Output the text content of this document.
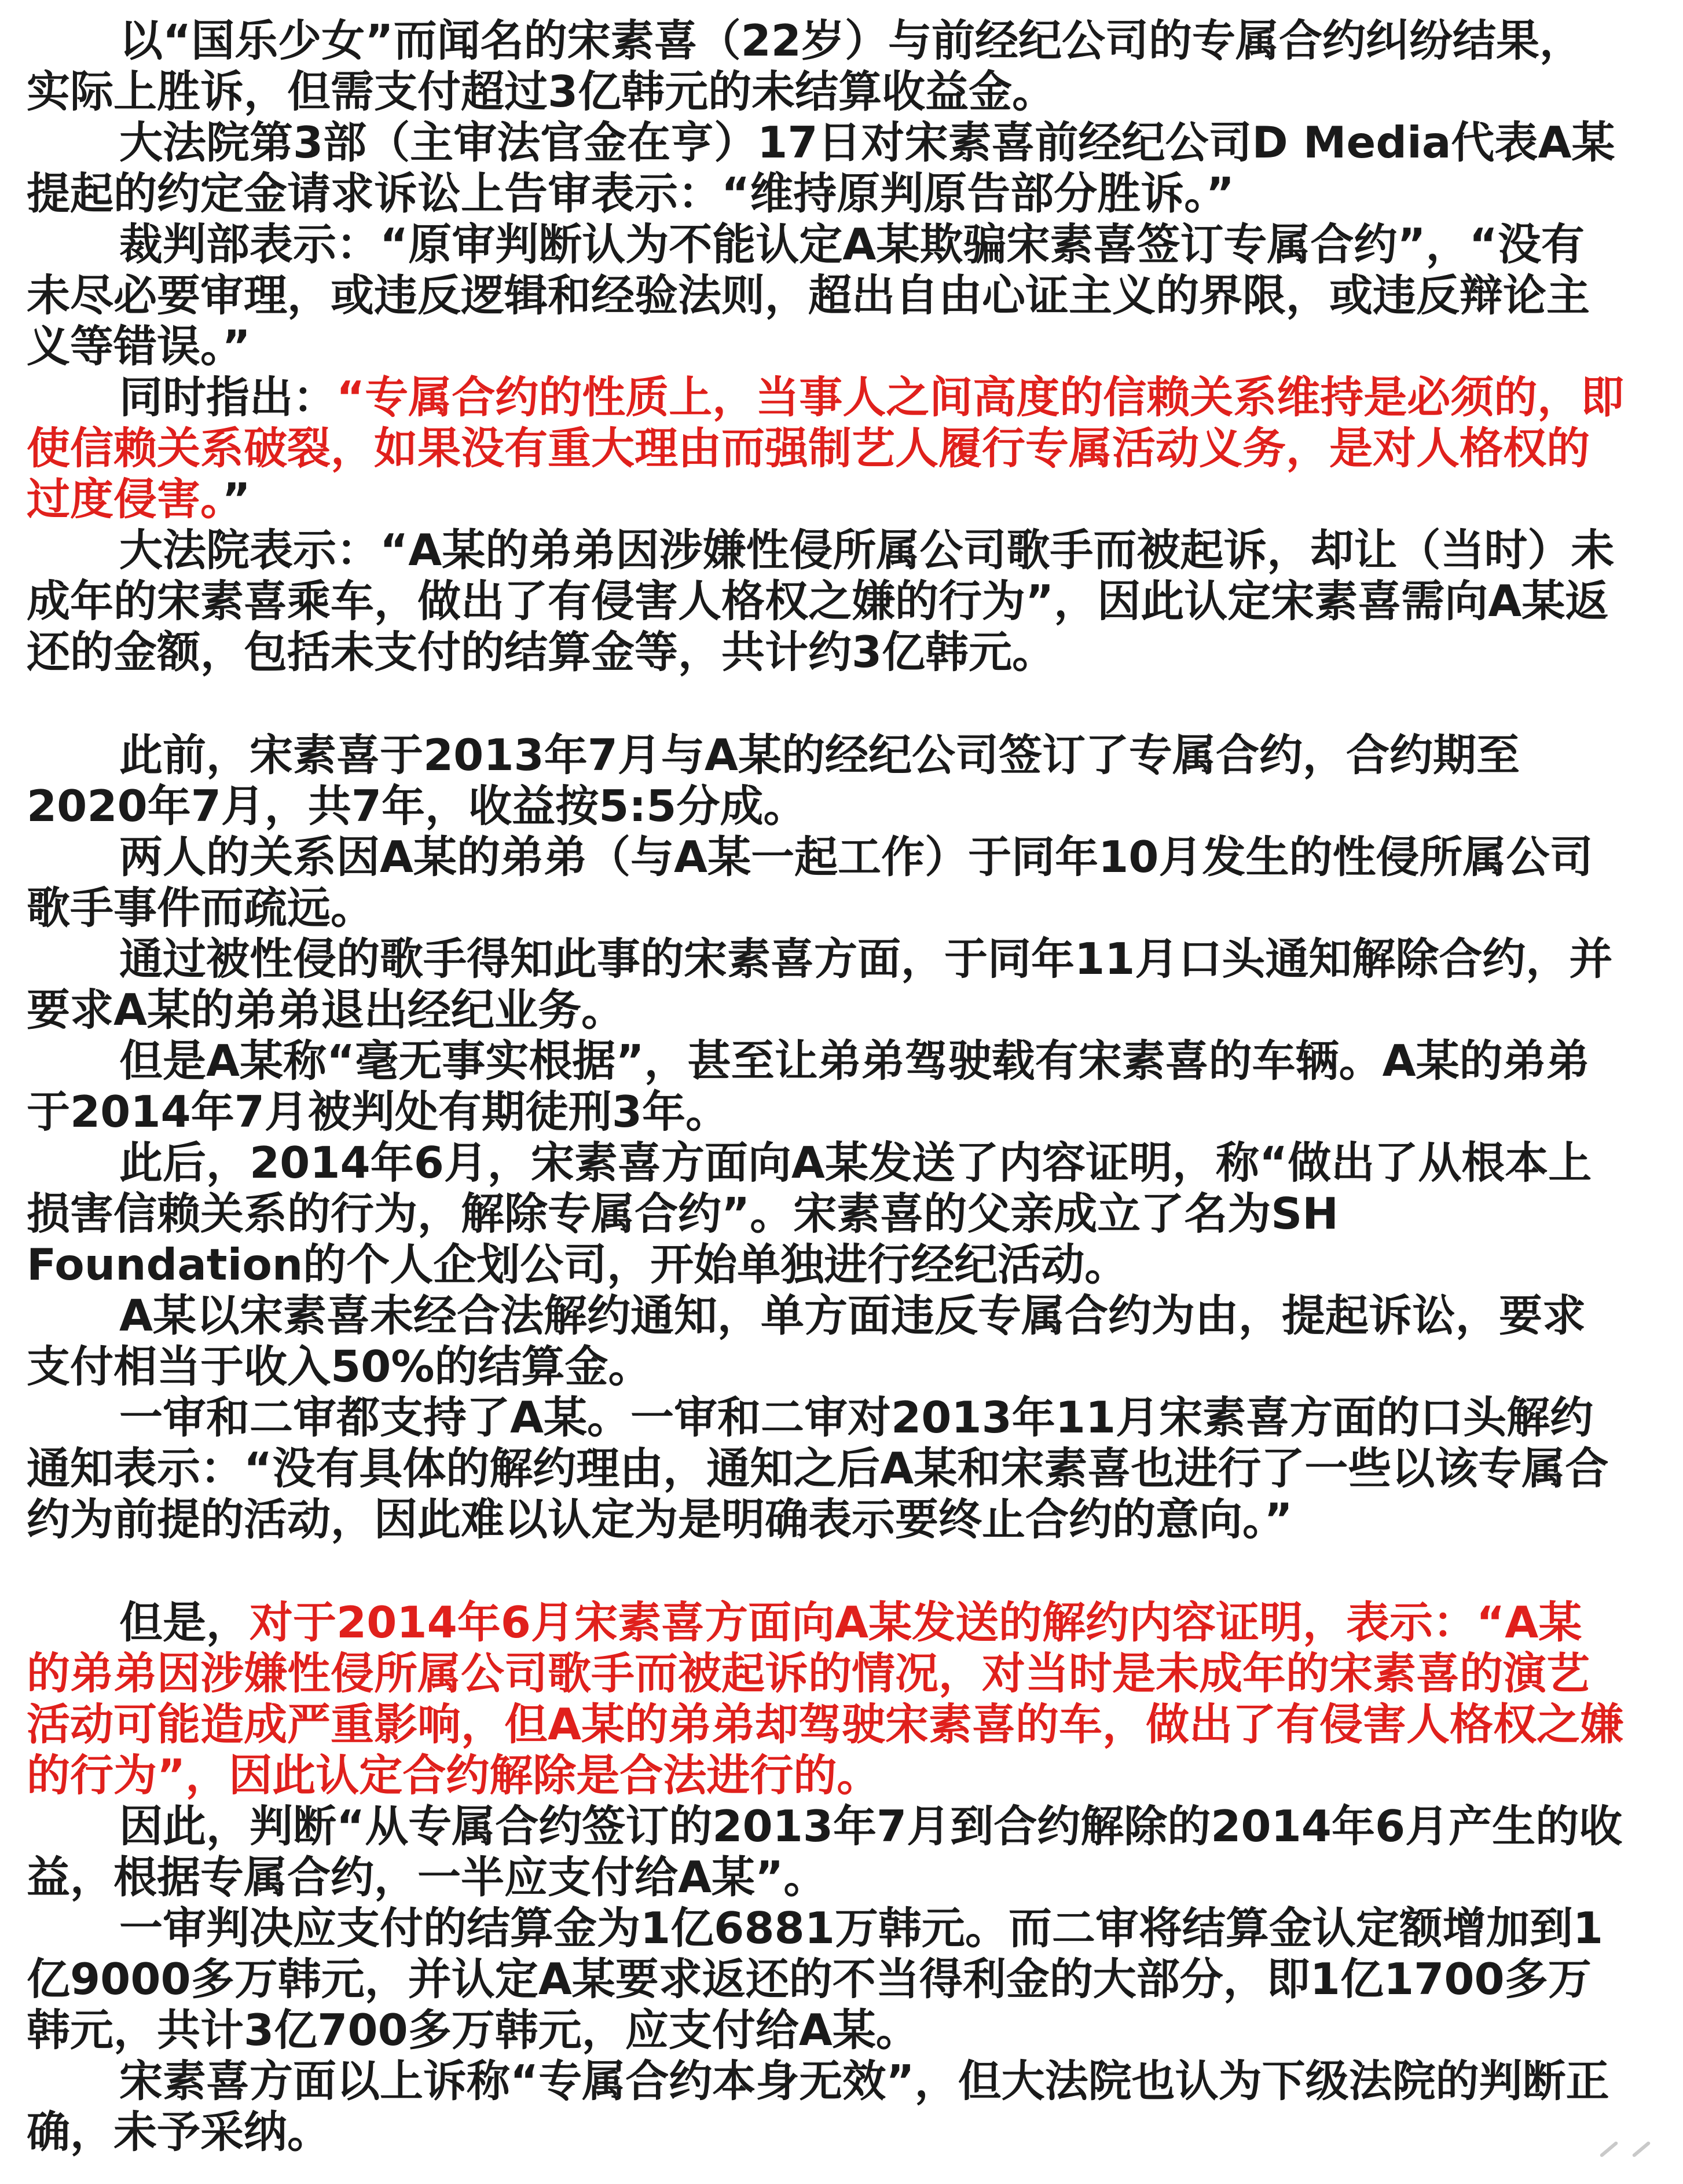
以“国乐少女”而闻名的宋素喜（22岁）与前经纪公司的专属合约纠纷结果，实际上胜诉，但需支付超过3亿韩元的未结算收益金。

大法院第3部（主审法官金在亨）17日对宋素喜前经纪公司D Media代表A某提起的约定金请求诉讼上告审表示：“维持原判原告部分胜诉。”

裁判部表示：“原审判断认为不能认定A某欺骗宋素喜签订专属合约”，“没有未尽必要审理，或违反逻辑和经验法则，超出自由心证主义的界限，或违反辩论主义等错误。”

同时指出：“专属合约的性质上，当事人之间高度的信赖关系维持是必须的，即使信赖关系破裂，如果没有重大理由而强制艺人履行专属活动义务，是对人格权的过度侵害。”

大法院表示：“A某的弟弟因涉嫌性侵所属公司歌手而被起诉，却让（当时）未成年的宋素喜乘车，做出了有侵害人格权之嫌的行为”，因此认定宋素喜需向A某返还的金额，包括未支付的结算金等，共计约3亿韩元。

此前，宋素喜于2013年7月与A某的经纪公司签订了专属合约，合约期至2020年7月，共7年，收益按5:5分成。

两人的关系因A某的弟弟（与A某一起工作）于同年10月发生的性侵所属公司歌手事件而疏远。

通过被性侵的歌手得知此事的宋素喜方面，于同年11月口头通知解除合约，并要求A某的弟弟退出经纪业务。

但是A某称“毫无事实根据”，甚至让弟弟驾驶载有宋素喜的车辆。A某的弟弟于2014年7月被判处有期徒刑3年。

此后，2014年6月，宋素喜方面向A某发送了内容证明，称“做出了从根本上损害信赖关系的行为，解除专属合约”。宋素喜的父亲成立了名为SH Foundation的个人企划公司，开始单独进行经纪活动。

A某以宋素喜未经合法解约通知，单方面违反专属合约为由，提起诉讼，要求支付相当于收入50%的结算金。

一审和二审都支持了A某。一审和二审对2013年11月宋素喜方面的口头解约通知表示：“没有具体的解约理由，通知之后A某和宋素喜也进行了一些以该专属合约为前提的活动，因此难以认定为是明确表示要终止合约的意向。”

但是，对于2014年6月宋素喜方面向A某发送的解约内容证明，表示：“A某的弟弟因涉嫌性侵所属公司歌手而被起诉的情况，对当时是未成年的宋素喜的演艺活动可能造成严重影响，但A某的弟弟却驾驶宋素喜的车，做出了有侵害人格权之嫌的行为”，因此认定合约解除是合法进行的。

因此，判断“从专属合约签订的2013年7月到合约解除的2014年6月产生的收益，根据专属合约，一半应支付给A某”。

一审判决应支付的结算金为1亿6881万韩元。而二审将结算金认定额增加到1亿9000多万韩元，并认定A某要求返还的不当得利金的大部分，即1亿1700多万韩元，共计3亿700多万韩元，应支付给A某。

宋素喜方面以上诉称“专属合约本身无效”，但大法院也认为下级法院的判断正确，未予采纳。
